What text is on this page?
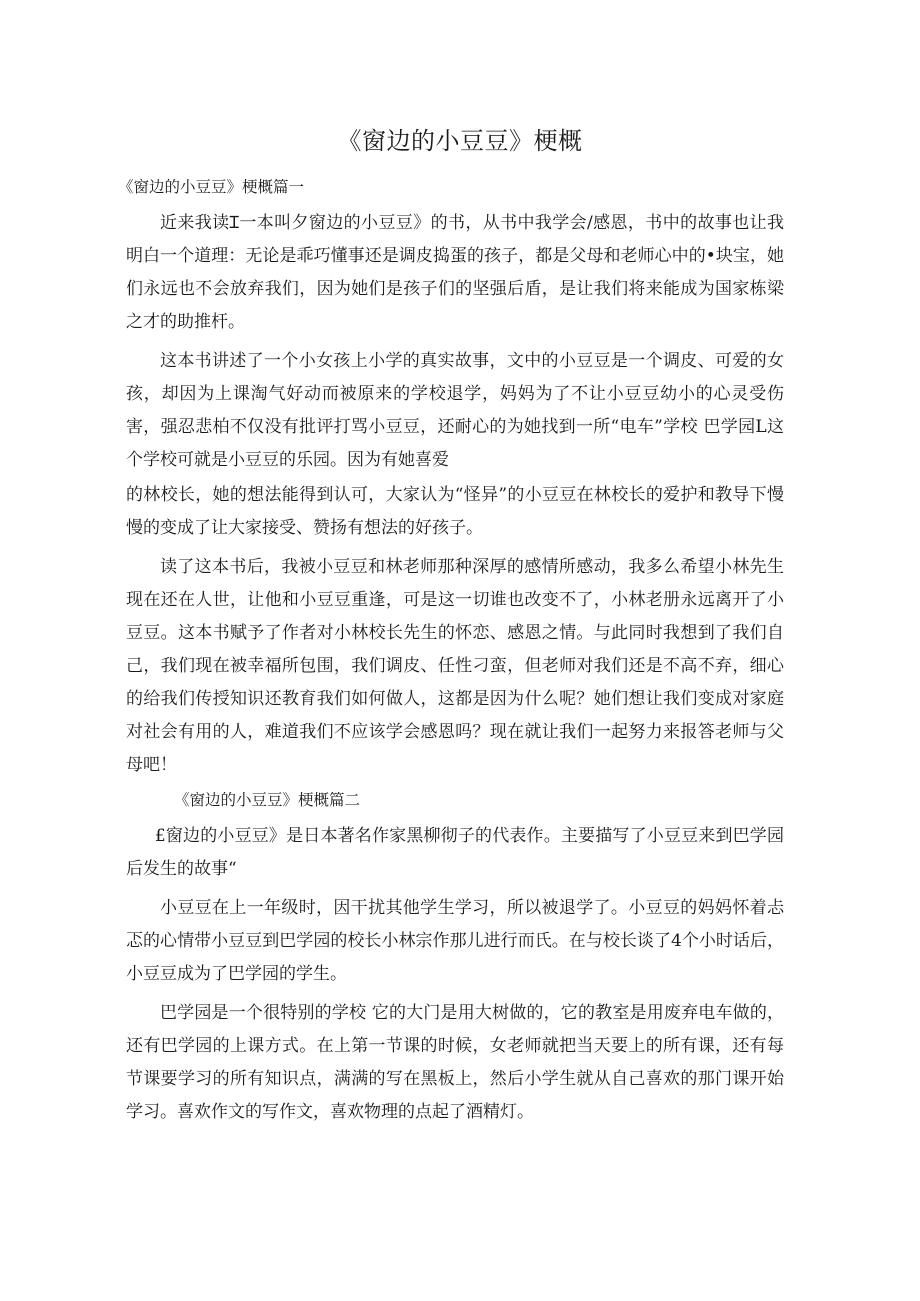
《窗边的小豆豆》梗概

《窗边的小豆豆》梗概篇一

近来我读Ɪ一本叫夕窗边的小豆豆》的书，从书中我学会/感恩，书中的故事也让我明白一个道理：无论是乖巧懂事还是调皮捣蛋的孩子，都是父母和老师心中的•块宝，她们永远也不会放弃我们，因为她们是孩子们的坚强后盾，是让我们将来能成为国家栋梁之才的助推杆。

这本书讲述了一个小女孩上小学的真实故事，文中的小豆豆是一个调皮、可爱的女孩，却因为上课淘气好动而被原来的学校退学，妈妈为了不让小豆豆幼小的心灵受伤害，强忍悲柏不仅没有批评打骂小豆豆，还耐心的为她找到一所“电车”学校 巴学园L这个学校可就是小豆豆的乐园。因为有她喜爱

的林校长，她的想法能得到认可，大家认为“怪异”的小豆豆在林校长的爱护和教导下慢慢的变成了让大家接受、赞扬有想法的好孩子。

读了这本书后，我被小豆豆和林老师那种深厚的感情所感动，我多么希望小林先生现在还在人世，让他和小豆豆重逢，可是这一切谁也改变不了，小林老册永远离开了小豆豆。这本书赋予了作者对小林校长先生的怀恋、感恩之情。与此同时我想到了我们自己，我们现在被幸福所包围，我们调皮、任性刁蛮，但老师对我们还是不高不弃，细心的给我们传授知识还教育我们如何做人，这都是因为什么呢？她们想让我们变成对家庭对社会有用的人，难道我们不应该学会感恩吗？现在就让我们一起努力来报答老师与父母吧！

《窗边的小豆豆》梗概篇二

£窗边的小豆豆》是日本著名作家黑柳彻子的代表作。主要描写了小豆豆来到巴学园后发生的故事“

小豆豆在上一年级时，因干扰其他学生学习，所以被退学了。小豆豆的妈妈怀着忐忑的心情带小豆豆到巴学园的校长小林宗作那儿进行而氏。在与校长谈了4个小时话后，小豆豆成为了巴学园的学生。

巴学园是一个很特别的学校 它的大门是用大树做的，它的教室是用废弃电车做的，还有巴学园的上课方式。在上第一节课的时候，女老师就把当天要上的所有课，还有每节课要学习的所有知识点，满满的写在黑板上，然后小学生就从自己喜欢的那门课开始学习。喜欢作文的写作文，喜欢物理的点起了酒精灯。
